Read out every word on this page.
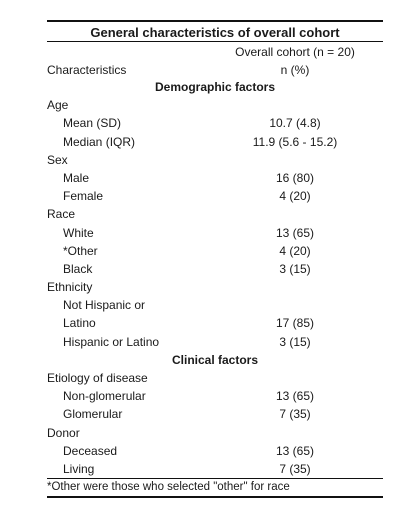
General characteristics of overall cohort
Overall cohort (n = 20)
Characteristics	n (%)
Demographic factors
Age
Mean (SD)	10.7 (4.8)
Median (IQR)	11.9 (5.6 - 15.2)
Sex
Male	16 (80)
Female	4 (20)
Race
White	13 (65)
*Other	4 (20)
Black	3 (15)
Ethnicity
Not Hispanic or
Latino	17 (85)
Hispanic or Latino	3 (15)
Clinical factors
Etiology of disease
Non-glomerular	13 (65)
Glomerular	7 (35)
Donor
Deceased	13 (65)
Living	7 (35)
*Other were those who selected "other" for race
